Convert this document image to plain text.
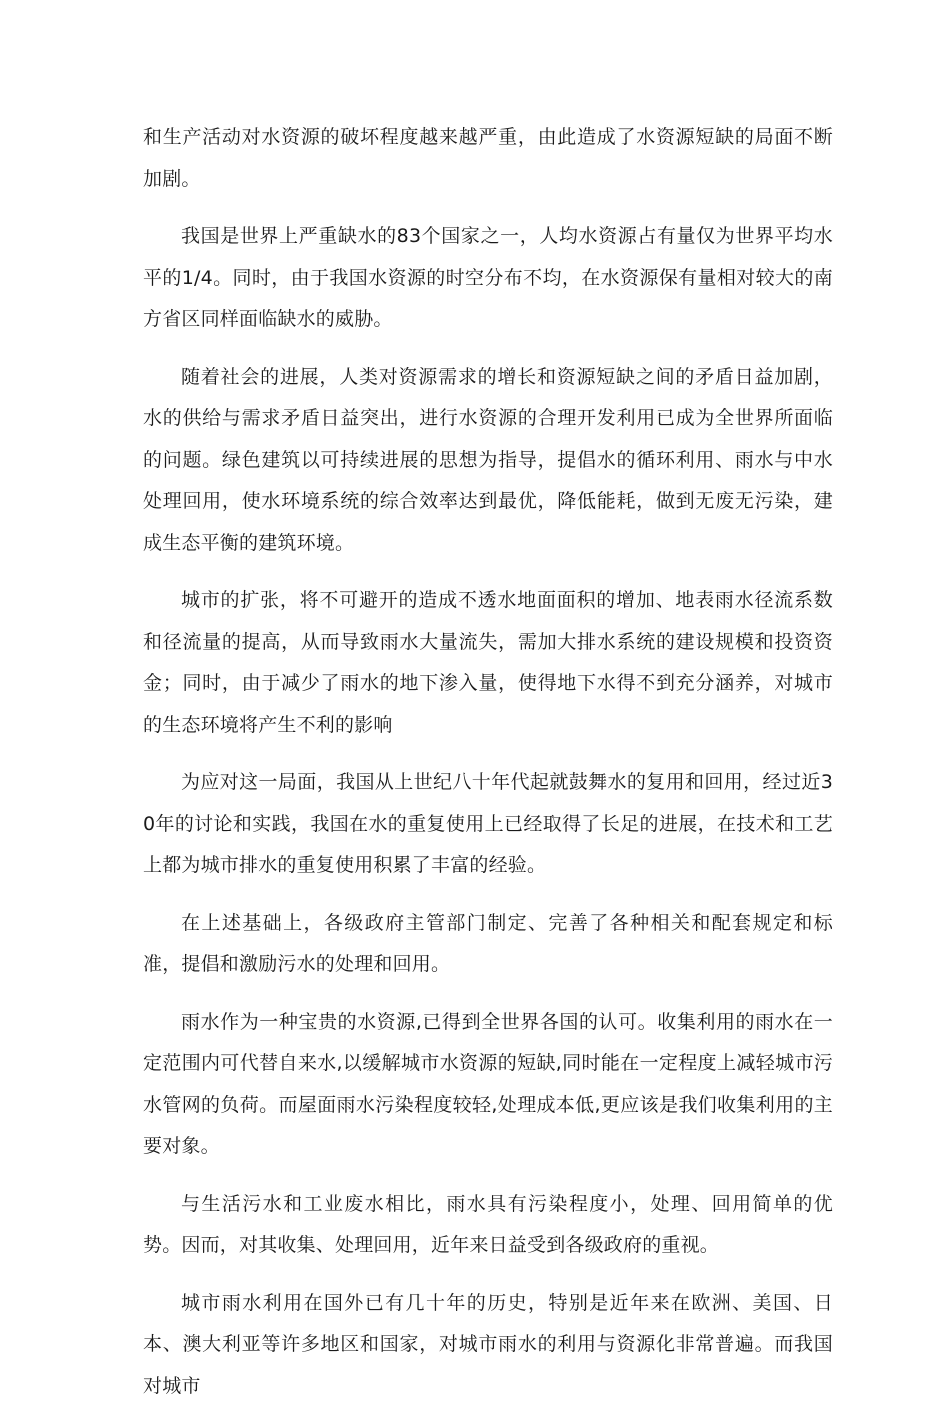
和生产活动对水资源的破坏程度越来越严重，由此造成了水资源短缺的局面不断加剧。

我国是世界上严重缺水的83个国家之一，人均水资源占有量仅为世界平均水平的1/4。同时，由于我国水资源的时空分布不均，在水资源保有量相对较大的南方省区同样面临缺水的威胁。

随着社会的进展，人类对资源需求的增长和资源短缺之间的矛盾日益加剧，水的供给与需求矛盾日益突出，进行水资源的合理开发利用已成为全世界所面临的问题。绿色建筑以可持续进展的思想为指导，提倡水的循环利用、雨水与中水处理回用，使水环境系统的综合效率达到最优，降低能耗，做到无废无污染，建成生态平衡的建筑环境。

城市的扩张，将不可避开的造成不透水地面面积的增加、地表雨水径流系数和径流量的提高，从而导致雨水大量流失，需加大排水系统的建设规模和投资资金；同时，由于减少了雨水的地下渗入量，使得地下水得不到充分涵养，对城市的生态环境将产生不利的影响

为应对这一局面，我国从上世纪八十年代起就鼓舞水的复用和回用，经过近30年的讨论和实践，我国在水的重复使用上已经取得了长足的进展，在技术和工艺上都为城市排水的重复使用积累了丰富的经验。

在上述基础上，各级政府主管部门制定、完善了各种相关和配套规定和标准，提倡和激励污水的处理和回用。

雨水作为一种宝贵的水资源,已得到全世界各国的认可。收集利用的雨水在一定范围内可代替自来水,以缓解城市水资源的短缺,同时能在一定程度上减轻城市污水管网的负荷。而屋面雨水污染程度较轻,处理成本低,更应该是我们收集利用的主要对象。

与生活污水和工业废水相比，雨水具有污染程度小，处理、回用简单的优势。因而，对其收集、处理回用，近年来日益受到各级政府的重视。

城市雨水利用在国外已有几十年的历史，特别是近年来在欧洲、美国、日本、澳大利亚等许多地区和国家，对城市雨水的利用与资源化非常普遍。而我国对城市
